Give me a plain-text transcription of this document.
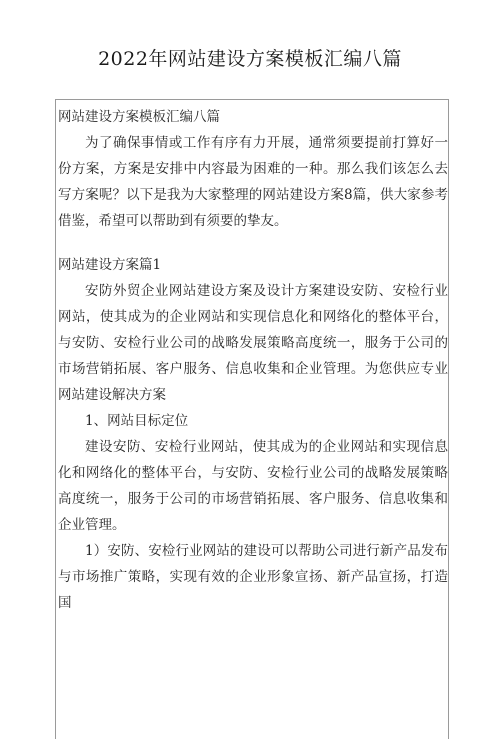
2022年网站建设方案模板汇编八篇

网站建设方案模板汇编八篇

为了确保事情或工作有序有力开展，通常须要提前打算好一份方案，方案是安排中内容最为困难的一种。那么我们该怎么去写方案呢？以下是我为大家整理的网站建设方案8篇，供大家参考借鉴，希望可以帮助到有须要的挚友。

网站建设方案篇1

安防外贸企业网站建设方案及设计方案建设安防、安检行业网站，使其成为的企业网站和实现信息化和网络化的整体平台，与安防、安检行业公司的战略发展策略高度统一，服务于公司的市场营销拓展、客户服务、信息收集和企业管理。为您供应专业网站建设解决方案

1、网站目标定位

建设安防、安检行业网站，使其成为的企业网站和实现信息化和网络化的整体平台，与安防、安检行业公司的战略发展策略高度统一，服务于公司的市场营销拓展、客户服务、信息收集和企业管理。

1）安防、安检行业网站的建设可以帮助公司进行新产品发布与市场推广策略，实现有效的企业形象宣扬、新产品宣扬，打造国
